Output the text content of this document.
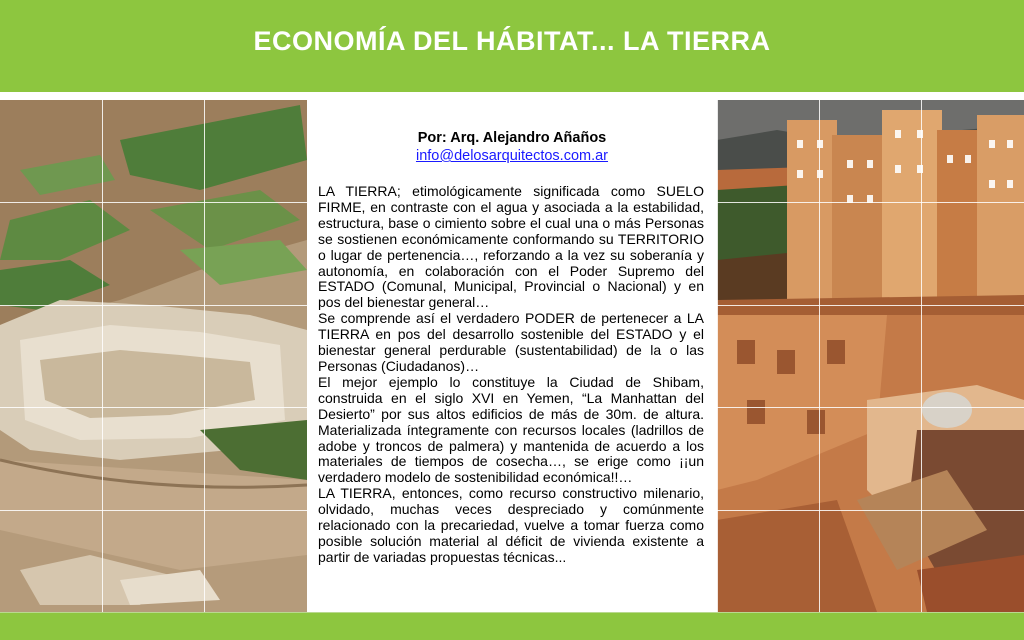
ECONOMÍA DEL HÁBITAT... LA TIERRA
Por: Arq. Alejandro Añaños
info@delosarquitectos.com.ar

LA TIERRA; etimológicamente significada como SUELO FIRME, en contraste con el agua y asociada a la estabilidad, estructura, base o cimiento sobre el cual una o más Personas se sostienen económicamente conformando su TERRITORIO o lugar de pertenencia…, reforzando a la vez su soberanía y autonomía, en colaboración con el Poder Supremo del ESTADO (Comunal, Municipal, Provincial o Nacional) y en pos del bienestar general…

Se comprende así el verdadero PODER de pertenecer a LA TIERRA en pos del desarrollo sostenible del ESTADO y el bienestar general perdurable (sustentabilidad) de la o las Personas (Ciudadanos)…

El mejor ejemplo lo constituye la Ciudad de Shibam, construida en el siglo XVI en Yemen, “La Manhattan del Desierto” por sus altos edificios de más de 30m. de altura. Materializada íntegramente con recursos locales (ladrillos de adobe y troncos de palmera) y mantenida de acuerdo a los materiales de tiempos de cosecha…, se erige como ¡¡un verdadero modelo de sostenibilidad económica!!…

LA TIERRA, entonces, como recurso constructivo milenario, olvidado, muchas veces despreciado y comúnmente relacionado con la precariedad, vuelve a tomar fuerza como posible solución material al déficit de vivienda existente a partir de variadas propuestas técnicas...
